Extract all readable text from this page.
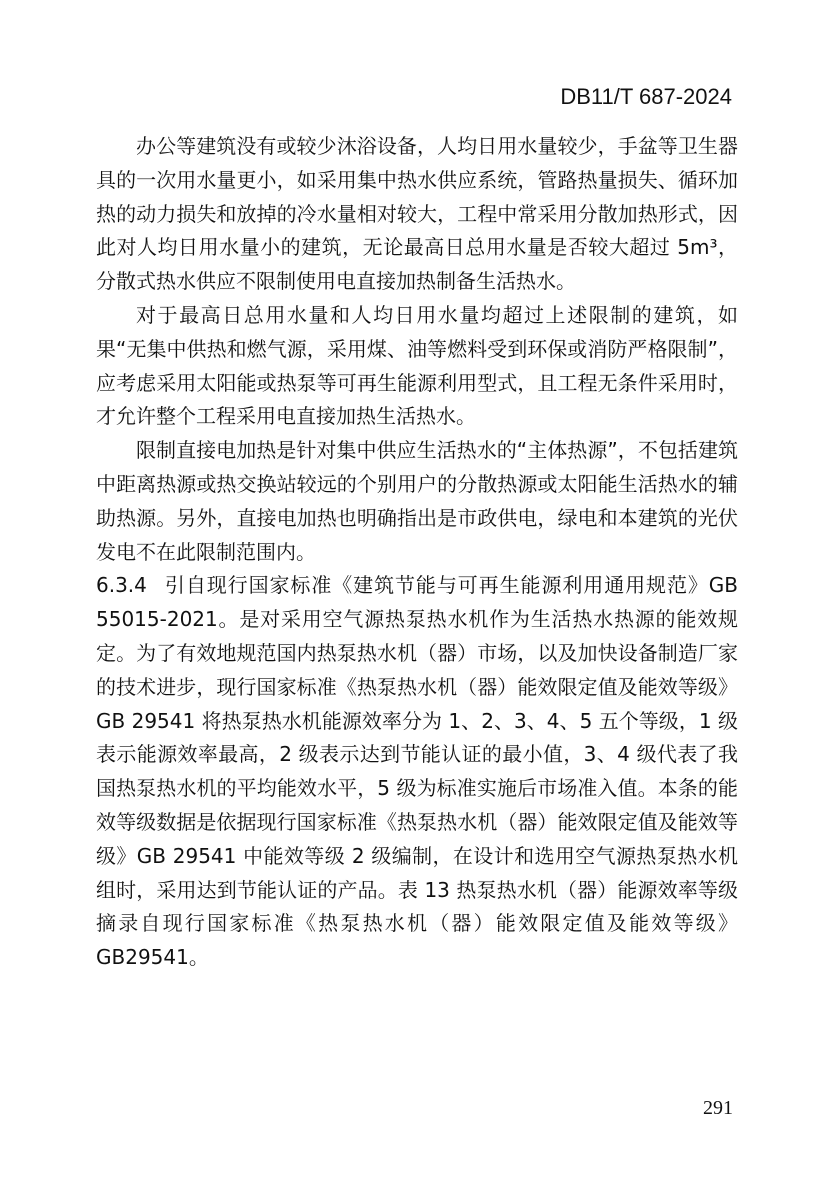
DB11/T 687-2024

办公等建筑没有或较少沐浴设备，人均日用水量较少，手盆等卫生器具的一次用水量更小，如采用集中热水供应系统，管路热量损失、循环加热的动力损失和放掉的冷水量相对较大，工程中常采用分散加热形式，因此对人均日用水量小的建筑，无论最高日总用水量是否较大超过 5m³，分散式热水供应不限制使用电直接加热制备生活热水。

对于最高日总用水量和人均日用水量均超过上述限制的建筑，如果“无集中供热和燃气源，采用煤、油等燃料受到环保或消防严格限制”，应考虑采用太阳能或热泵等可再生能源利用型式，且工程无条件采用时，才允许整个工程采用电直接加热生活热水。

限制直接电加热是针对集中供应生活热水的“主体热源”，不包括建筑中距离热源或热交换站较远的个别用户的分散热源或太阳能生活热水的辅助热源。另外，直接电加热也明确指出是市政供电，绿电和本建筑的光伏发电不在此限制范围内。

6.3.4 引自现行国家标准《建筑节能与可再生能源利用通用规范》GB 55015-2021。是对采用空气源热泵热水机作为生活热水热源的能效规定。为了有效地规范国内热泵热水机（器）市场，以及加快设备制造厂家的技术进步，现行国家标准《热泵热水机（器）能效限定值及能效等级》GB 29541 将热泵热水机能源效率分为 1、2、3、4、5 五个等级，1 级表示能源效率最高，2 级表示达到节能认证的最小值，3、4 级代表了我国热泵热水机的平均能效水平，5 级为标准实施后市场准入值。本条的能效等级数据是依据现行国家标准《热泵热水机（器）能效限定值及能效等级》GB 29541 中能效等级 2 级编制，在设计和选用空气源热泵热水机组时，采用达到节能认证的产品。表 13 热泵热水机（器）能源效率等级摘录自现行国家标准《热泵热水机（器）能效限定值及能效等级》GB29541。

291
